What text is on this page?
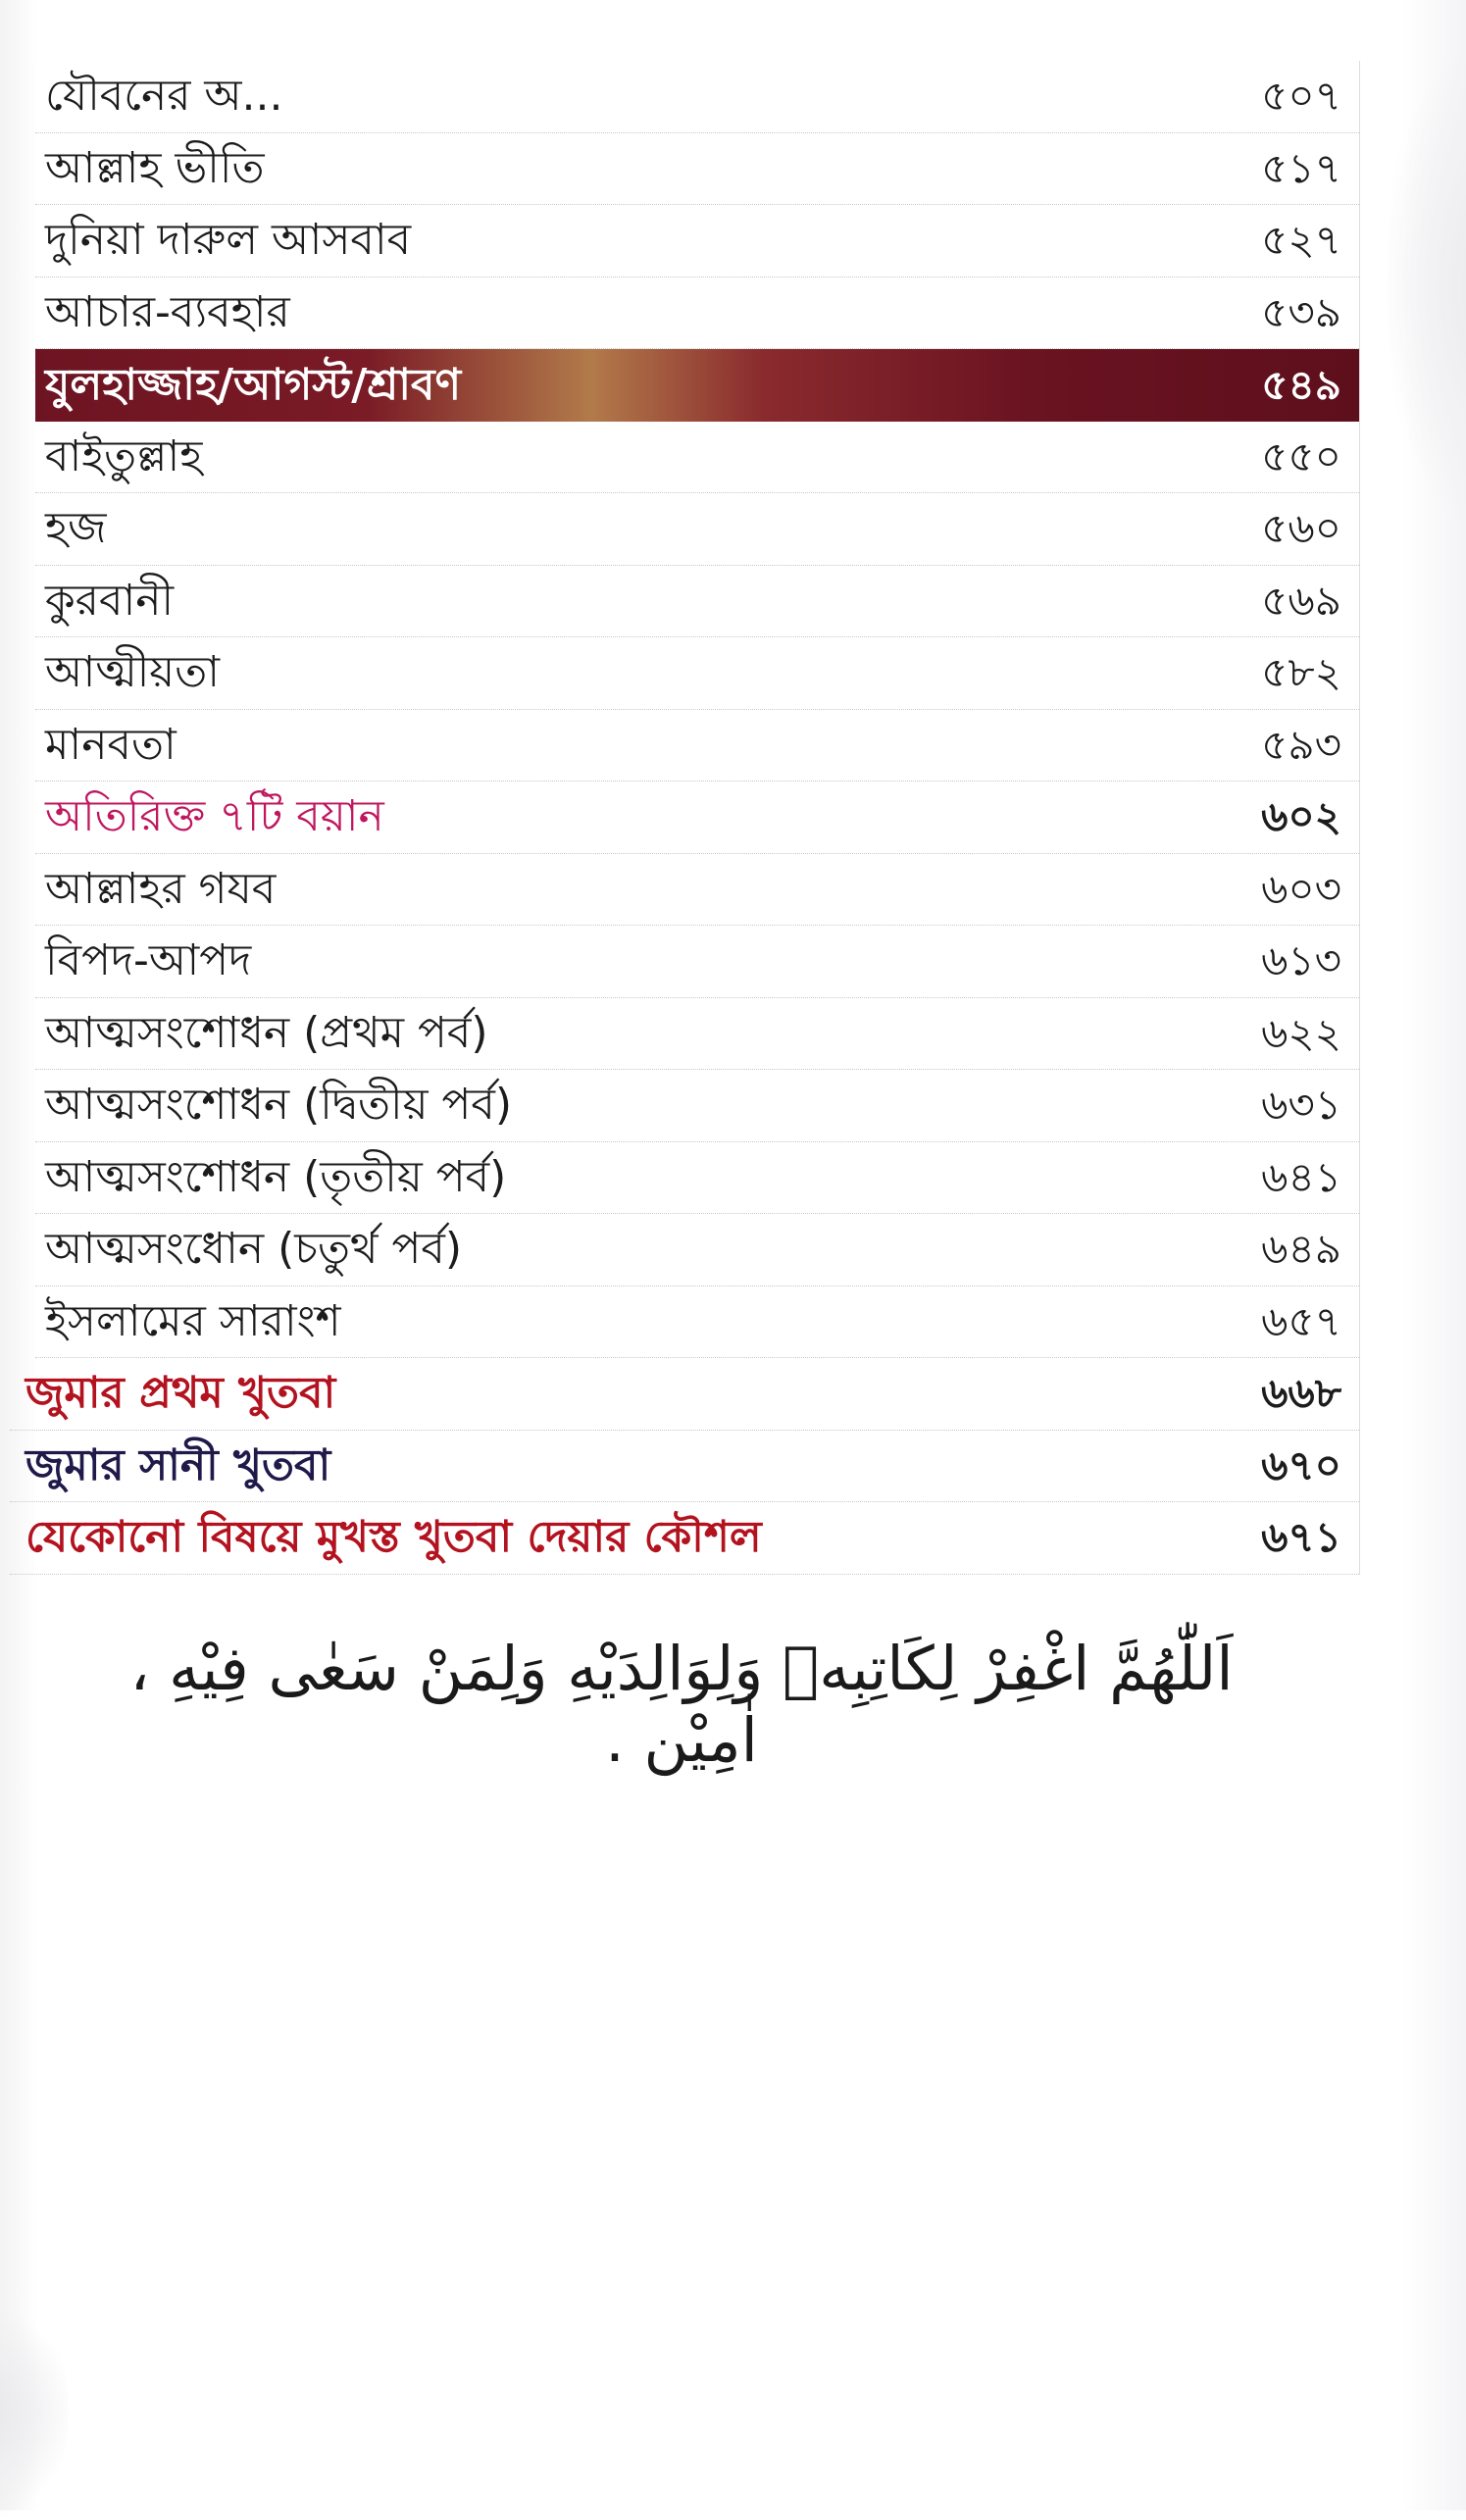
যৌবনের অ...	৫০৭
আল্লাহ ভীতি	৫১৭
দুনিয়া দারুল আসবাব	৫২৭
আচার-ব্যবহার	৫৩৯
যুলহাজ্জাহ/আগস্ট/শ্রাবণ	৫৪৯
বাইতুল্লাহ	৫৫০
হজ	৫৬০
কুরবানী	৫৬৯
আত্মীয়তা	৫৮২
মানবতা	৫৯৩
অতিরিক্ত ৭টি বয়ান	৬০২
আল্লাহর গযব	৬০৩
বিপদ-আপদ	৬১৩
আত্মসংশোধন (প্রথম পর্ব)	৬২২
আত্মসংশোধন (দ্বিতীয় পর্ব)	৬৩১
আত্মসংশোধন (তৃতীয় পর্ব)	৬৪১
আত্মসংধোন (চতুর্থ পর্ব)	৬৪৯
ইসলামের সারাংশ	৬৫৭
জুমার প্রথম খুতবা	৬৬৮
জুমার সানী খুতবা	৬৭০
যেকোনো বিষয়ে মুখস্ত খুতবা দেয়ার কৌশল	৬৭১
اَللّٰهُمَّ اغْفِرْ لِكَاتِبِهٖ وَلِوَالِدَيْهِ وَلِمَنْ سَعٰى فِيْهِ ، اٰمِيْن .
